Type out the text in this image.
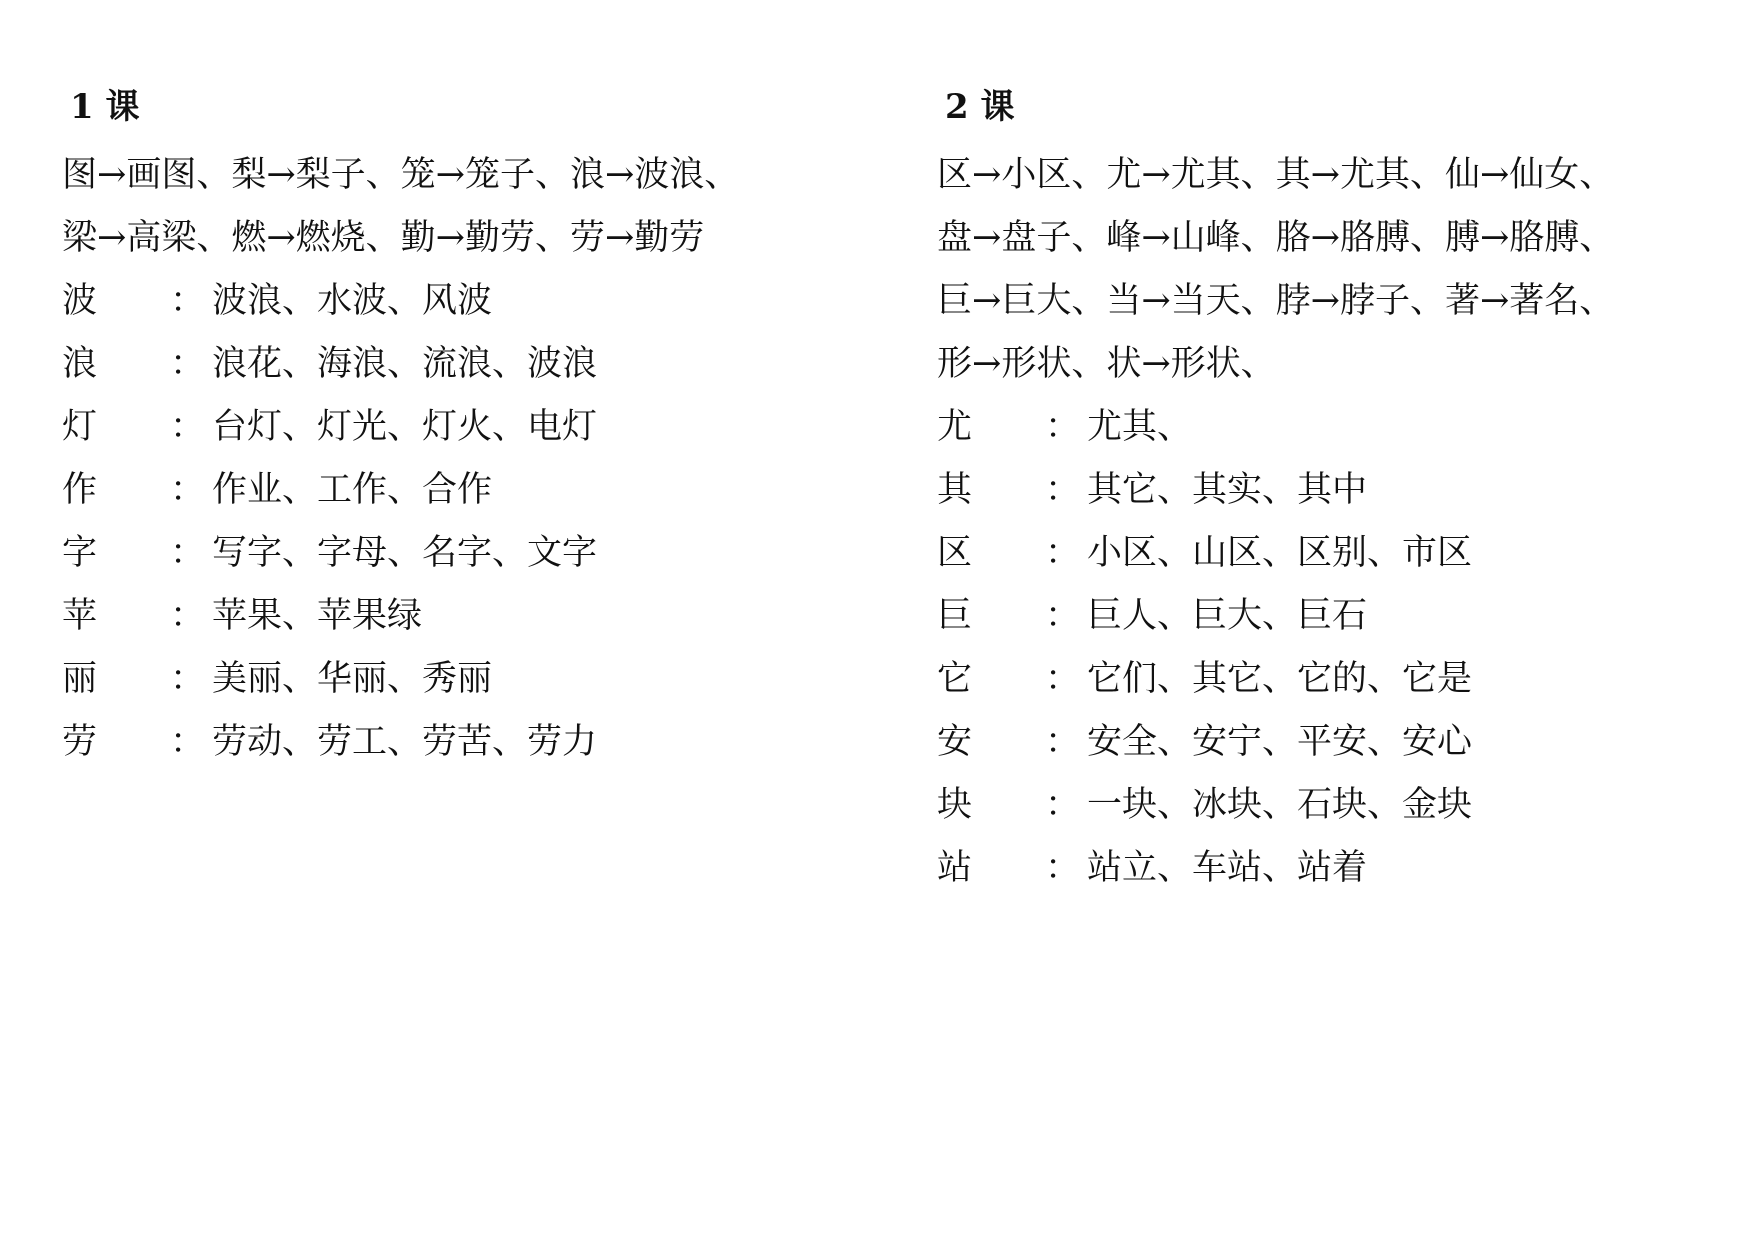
1 课
图→画图、梨→梨子、笼→笼子、浪→波浪、
梁→高梁、燃→燃烧、勤→勤劳、劳→勤劳
波 ： 波浪、水波、风波
浪 ： 浪花、海浪、流浪、波浪
灯 ： 台灯、灯光、灯火、电灯
作 ： 作业、工作、合作
字 ： 写字、字母、名字、文字
苹 ： 苹果、苹果绿
丽 ： 美丽、华丽、秀丽
劳 ： 劳动、劳工、劳苦、劳力
2 课
区→小区、尤→尤其、其→尤其、仙→仙女、
盘→盘子、峰→山峰、胳→胳膊、膊→胳膊、
巨→巨大、当→当天、脖→脖子、著→著名、
形→形状、状→形状、
尤 ： 尤其、
其 ： 其它、其实、其中
区 ： 小区、山区、区别、市区
巨 ： 巨人、巨大、巨石
它 ： 它们、其它、它的、它是
安 ： 安全、安宁、平安、安心
块 ： 一块、冰块、石块、金块
站 ： 站立、车站、站着
